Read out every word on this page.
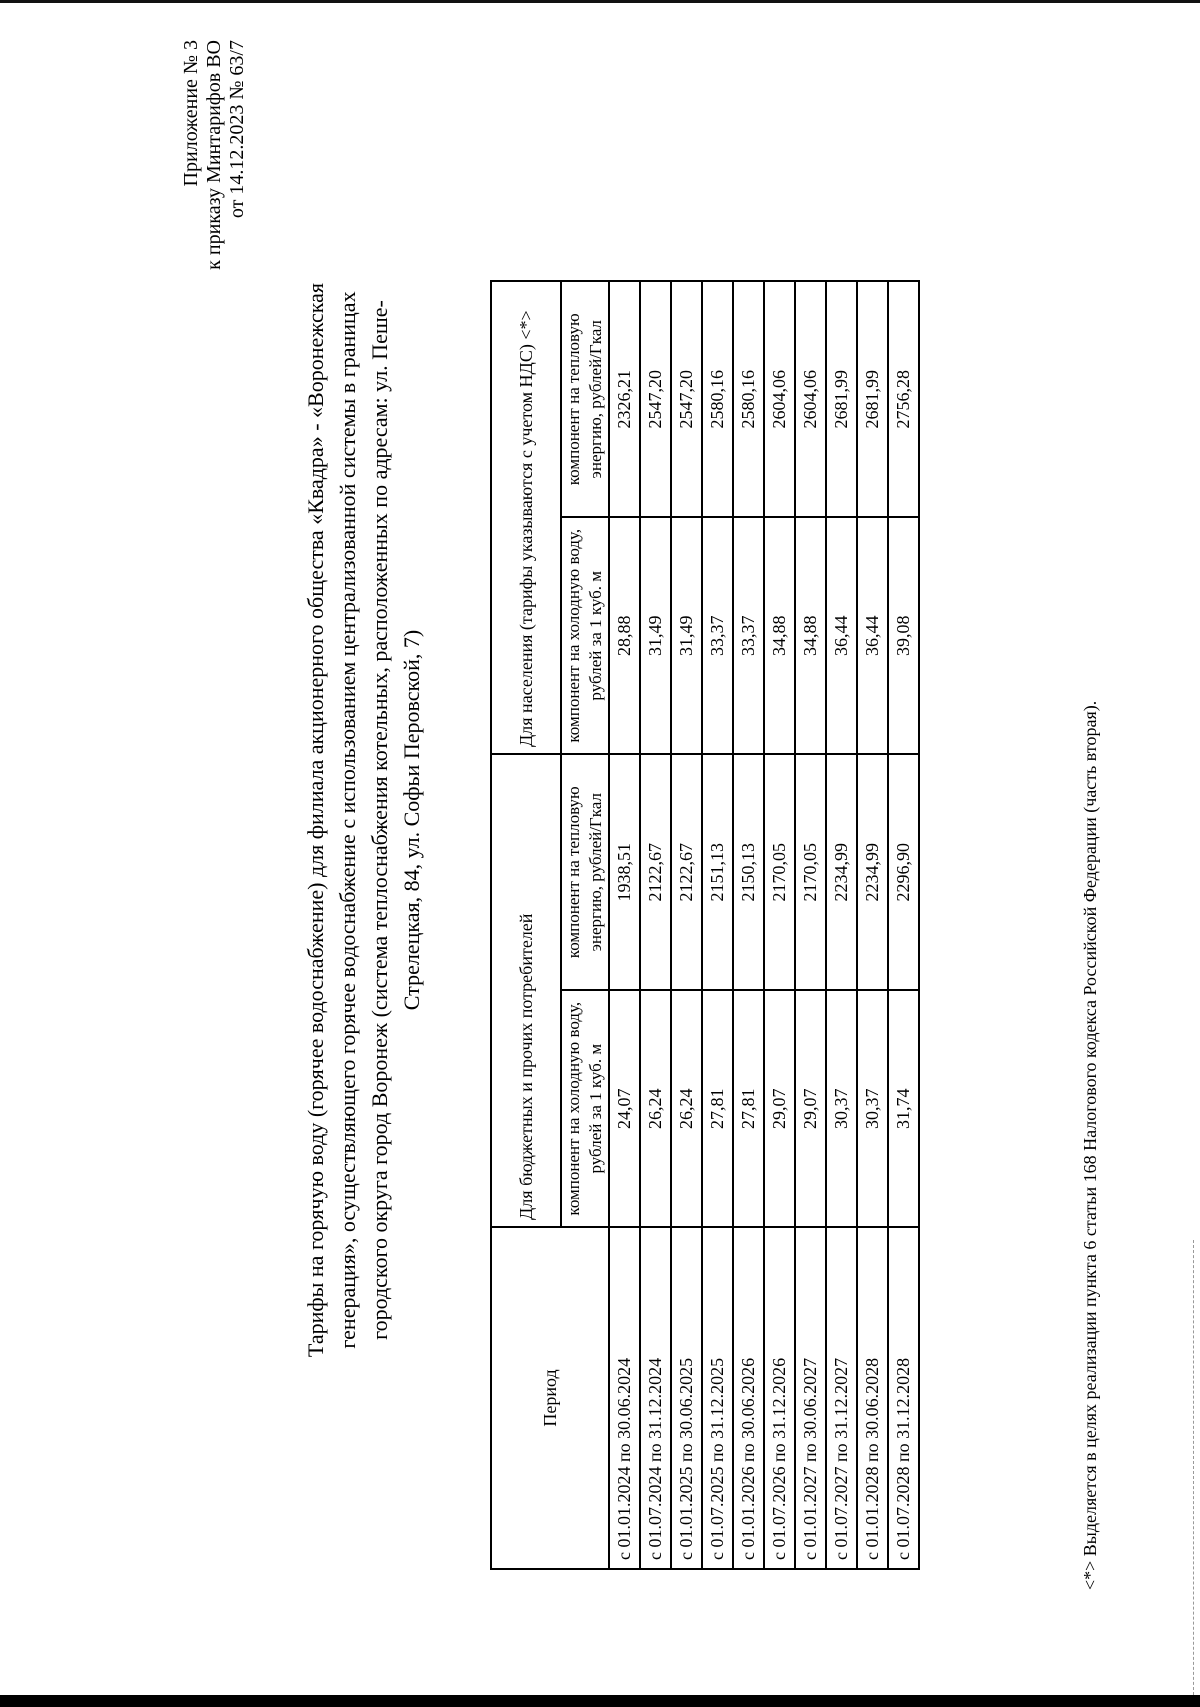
Приложение № 3 к приказу Минтарифов ВО от 14.12.2023 № 63/7
Тарифы на горячую воду (горячее водоснабжение) для филиала акционерного общества «Квадра» - «Воронежская генерация», осуществляющего горячее водоснабжение с использованием централизованной системы в границах городского округа город Воронеж (система теплоснабжения котельных, расположенных по адресам: ул. Пеше- Стрелецкая, 84, ул. Софьи Перовской, 7)
Период	Для бюджетных и прочих потребителей		Для населения (тарифы указываются с учетом НДС) <*>	
	компонент на холодную воду, рублей за 1 куб. м	компонент на тепловую энергию, рублей/Гкал	компонент на холодную воду, рублей за 1 куб. м	компонент на тепловую энергию, рублей/Гкал
с 01.01.2024 по 30.06.2024	24,07	1938,51	28,88	2326,21
с 01.07.2024 по 31.12.2024	26,24	2122,67	31,49	2547,20
с 01.01.2025 по 30.06.2025	26,24	2122,67	31,49	2547,20
с 01.07.2025 по 31.12.2025	27,81	2151,13	33,37	2580,16
с 01.01.2026 по 30.06.2026	27,81	2150,13	33,37	2580,16
с 01.07.2026 по 31.12.2026	29,07	2170,05	34,88	2604,06
с 01.01.2027 по 30.06.2027	29,07	2170,05	34,88	2604,06
с 01.07.2027 по 31.12.2027	30,37	2234,99	36,44	2681,99
с 01.01.2028 по 30.06.2028	30,37	2234,99	36,44	2681,99
с 01.07.2028 по 31.12.2028	31,74	2296,90	39,08	2756,28
<*> Выделяется в целях реализации пункта 6 статьи 168 Налогового кодекса Российской Федерации (часть вторая).
